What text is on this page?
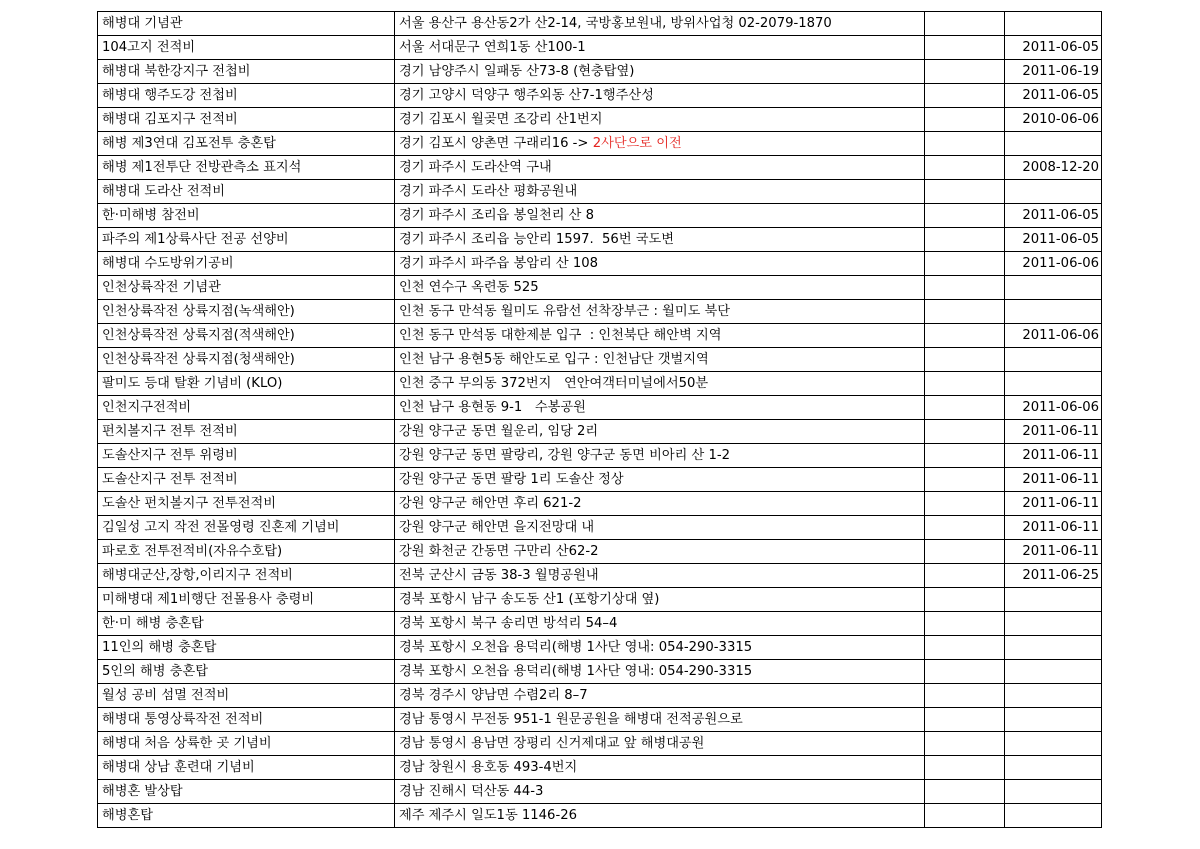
해병대 기념관	서울 용산구 용산동2가 산2-14, 국방홍보원내, 방위사업청 02-2079-1870		
104고지 전적비	서울 서대문구 연희1동 산100-1		2011-06-05
해병대 북한강지구 전첩비	경기 남양주시 일패동 산73-8 (현충탑옆)		2011-06-19
해병대 행주도강 전첩비	경기 고양시 덕양구 행주외동 산7-1행주산성		2011-06-05
해병대 김포지구 전적비	경기 김포시 월곶면 조강리 산1번지		2010-06-06
해병 제3연대 김포전투 충혼탑	경기 김포시 양촌면 구래리16 -> 2사단으로 이전		
해병 제1전투단 전방관측소 표지석	경기 파주시 도라산역 구내		2008-12-20
해병대 도라산 전적비	경기 파주시 도라산 평화공원내		
한·미해병 참전비	경기 파주시 조리읍 봉일천리 산 8		2011-06-05
파주의 제1상륙사단 전공 선양비	경기 파주시 조리읍 능안리 1597.  56번 국도변		2011-06-05
해병대 수도방위기공비	경기 파주시 파주읍 봉암리 산 108		2011-06-06
인천상륙작전 기념관	인천 연수구 옥련동 525		
인천상륙작전 상륙지점(녹색해안)	인천 동구 만석동 월미도 유람선 선착장부근 : 월미도 북단		
인천상륙작전 상륙지점(적색해안)	인천 동구 만석동 대한제분 입구  : 인천북단 해안벽 지역		2011-06-06
인천상륙작전 상륙지점(청색해안)	인천 남구 용현5동 해안도로 입구 : 인천남단 갯벌지역		
팔미도 등대 탈환 기념비 (KLO)	인천 중구 무의동 372번지   연안여객터미널에서50분		
인천지구전적비	인천 남구 용현동 9-1   수봉공원		2011-06-06
펀치볼지구 전투 전적비	강원 양구군 동면 월운리, 임당 2리		2011-06-11
도솔산지구 전투 위령비	강원 양구군 동면 팔랑리, 강원 양구군 동면 비아리 산 1-2		2011-06-11
도솔산지구 전투 전적비	강원 양구군 동면 팔랑 1리 도솔산 정상		2011-06-11
도솔산 펀치볼지구 전투전적비	강원 양구군 해안면 후리 621-2		2011-06-11
김일성 고지 작전 전몰영령 진혼제 기념비	강원 양구군 해안면 을지전망대 내		2011-06-11
파로호 전투전적비(자유수호탑)	강원 화천군 간동면 구만리 산62-2		2011-06-11
해병대군산,장항,이리지구 전적비	전북 군산시 금동 38-3 월명공원내		2011-06-25
미해병대 제1비행단 전몰용사 충령비	경북 포항시 남구 송도동 산1 (포항기상대 옆)		
한·미 해병 충혼탑	경북 포항시 북구 송리면 방석리 54–4		
11인의 해병 충혼탑	경북 포항시 오천읍 용덕리(해병 1사단 영내: 054-290-3315		
5인의 해병 충혼탑	경북 포항시 오천읍 용덕리(해병 1사단 영내: 054-290-3315		
월성 공비 섬멸 전적비	경북 경주시 양남면 수렴2리 8–7		
해병대 통영상륙작전 전적비	경남 통영시 무전동 951-1 원문공원을 해병대 전적공원으로		
해병대 처음 상륙한 곳 기념비	경남 통영시 용남면 장평리 신거제대교 앞 해병대공원		
해병대 상남 훈련대 기념비	경남 창원시 용호동 493-4번지		
해병혼 발상탑	경남 진해시 덕산동 44-3		
해병혼탑	제주 제주시 일도1동 1146-26		
